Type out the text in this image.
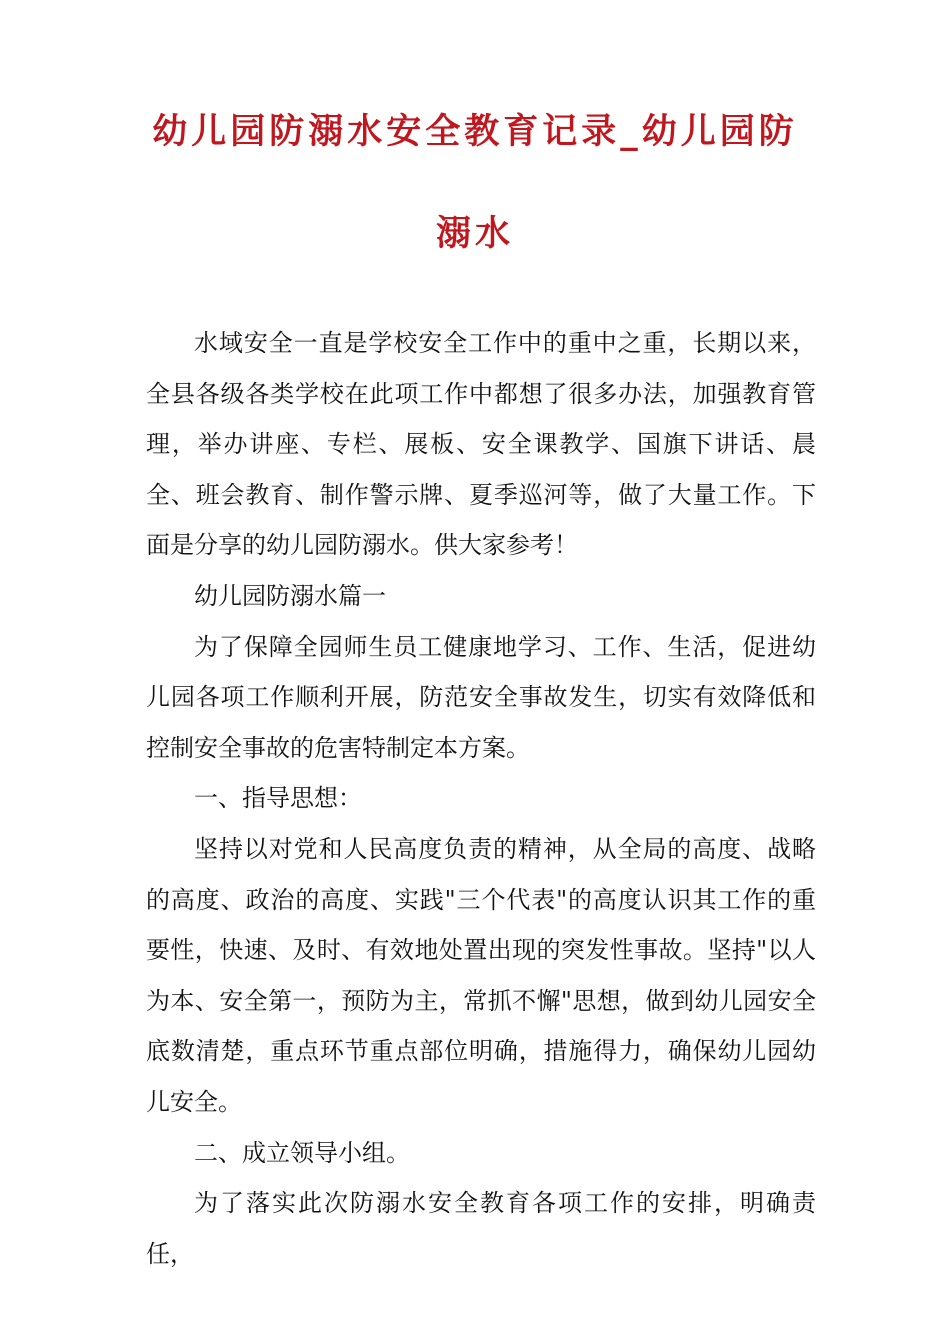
幼儿园防溺水安全教育记录_幼儿园防
溺水

水域安全一直是学校安全工作中的重中之重，长期以来，全县各级各类学校在此项工作中都想了很多办法，加强教育管理，举办讲座、专栏、展板、安全课教学、国旗下讲话、晨全、班会教育、制作警示牌、夏季巡河等，做了大量工作。下面是分享的幼儿园防溺水。供大家参考！

幼儿园防溺水篇一

为了保障全园师生员工健康地学习、工作、生活，促进幼儿园各项工作顺利开展，防范安全事故发生，切实有效降低和控制安全事故的危害特制定本方案。

一、指导思想：

坚持以对党和人民高度负责的精神，从全局的高度、战略的高度、政治的高度、实践"三个代表"的高度认识其工作的重要性，快速、及时、有效地处置出现的突发性事故。坚持"以人为本、安全第一，预防为主，常抓不懈"思想，做到幼儿园安全底数清楚，重点环节重点部位明确，措施得力，确保幼儿园幼儿安全。

二、成立领导小组。

为了落实此次防溺水安全教育各项工作的安排，明确责任，
